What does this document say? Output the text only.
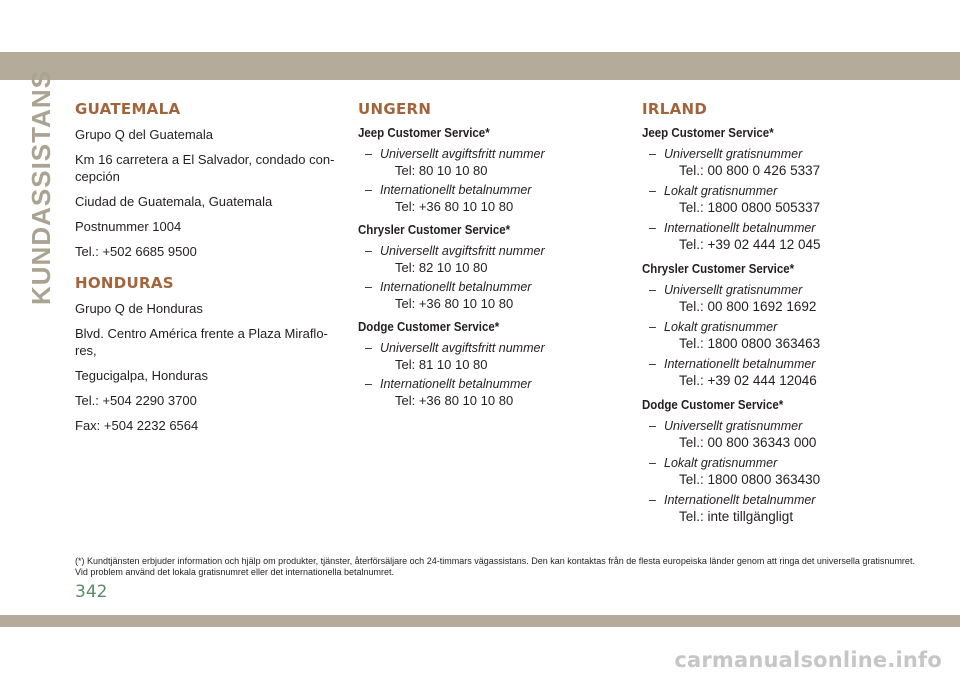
KUNDASSISTANS GUATEMALA

Grupo Q del Guatemala

Km 16 carretera a El Salvador, condado con-cepción

Ciudad de Guatemala, Guatemala

Postnummer 1004

Tel.: +502 6685 9500

HONDURAS

Grupo Q de Honduras

Blvd. Centro América frente a Plaza Miraflo-res,

Tegucigalpa, Honduras

Tel.: +504 2290 3700

Fax: +504 2232 6564

UNGERN
Jeep Customer Service*
– Universellt avgiftsfritt nummer
Tel: 80 10 10 80
– Internationellt betalnummer
Tel: +36 80 10 10 80
Chrysler Customer Service*
– Universellt avgiftsfritt nummer
Tel: 82 10 10 80
– Internationellt betalnummer
Tel: +36 80 10 10 80
Dodge Customer Service*
– Universellt avgiftsfritt nummer
Tel: 81 10 10 80
– Internationellt betalnummer
Tel: +36 80 10 10 80
IRLAND
Jeep Customer Service*
– Universellt gratisnummer
Tel.: 00 800 0 426 5337
– Lokalt gratisnummer
Tel.: 1800 0800 505337
– Internationellt betalnummer
Tel.: +39 02 444 12 045
Chrysler Customer Service*
– Universellt gratisnummer
Tel.: 00 800 1692 1692
– Lokalt gratisnummer
Tel.: 1800 0800 363463
– Internationellt betalnummer
Tel.: +39 02 444 12046
Dodge Customer Service*
– Universellt gratisnummer
Tel.: 00 800 36343 000
– Lokalt gratisnummer
Tel.: 1800 0800 363430
– Internationellt betalnummer
Tel.: inte tillgängligt
(*) Kundtjänsten erbjuder information och hjälp om produkter, tjänster, återförsäljare och 24-timmars vägassistans. Den kan kontaktas från de flesta europeiska länder genom att ringa det universella gratisnumret. Vid problem använd det lokala gratisnumret eller det internationella betalnumret.
342
carmanualsonline.info
